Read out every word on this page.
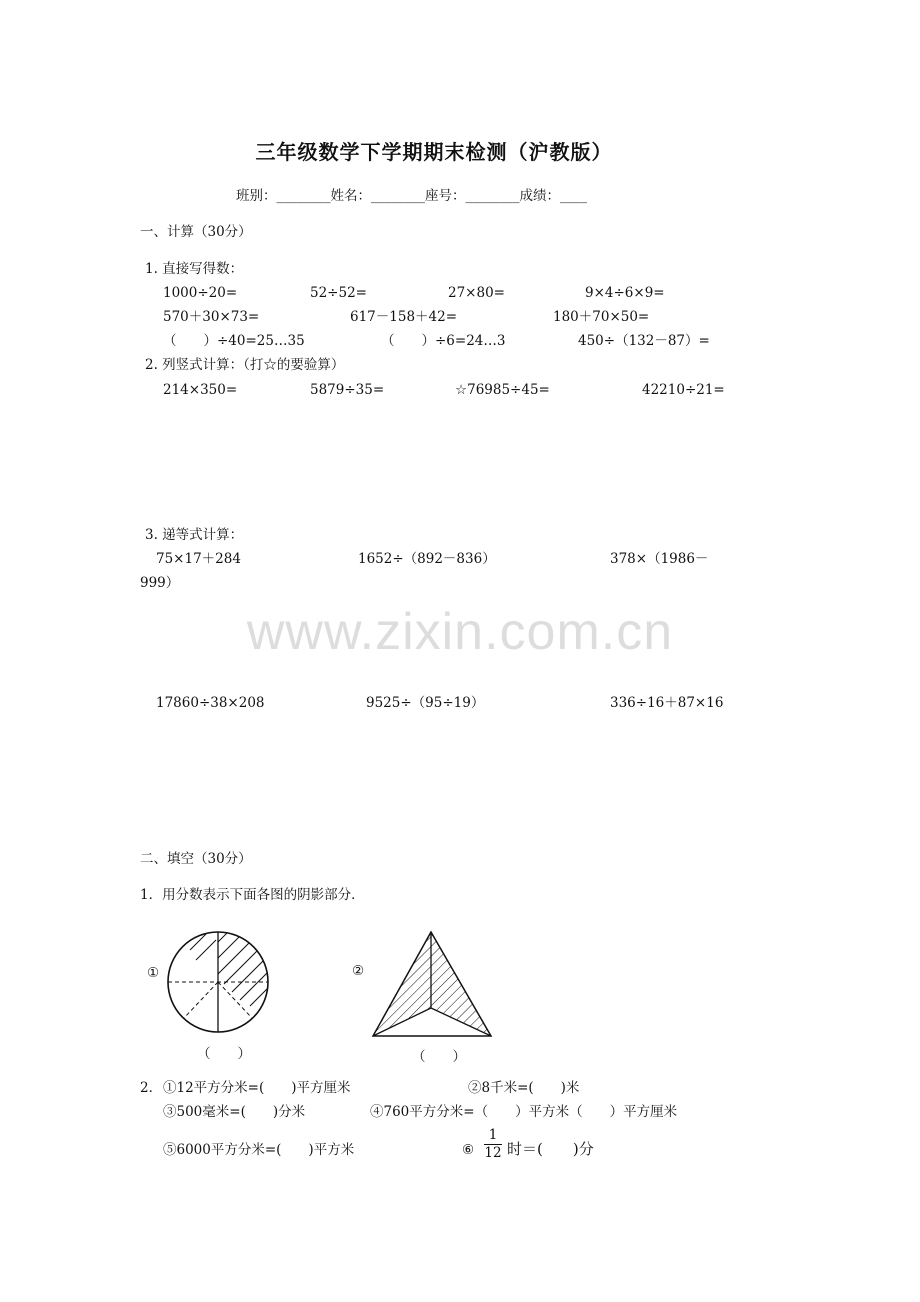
三年级数学下学期期末检测（沪教版）
班别：________姓名：________座号：________成绩：____
一、计算（30分）
1. 直接写得数：
1000÷20=	52÷52=	27×80=	9×4÷6×9=
570＋30×73=	617－158＋42=	180＋70×50=
（　　）÷40=25…35	（　　）÷6=24…3	450÷（132－87）=
2. 列竖式计算：（打☆的要验算）
214×350=	5879÷35=	☆76985÷45=	42210÷21=
3. 递等式计算：
75×17＋284	1652÷（892－836）	378×（1986－
999）
www.zixin.com.cn
17860÷38×208	9525÷（95÷19）	336÷16＋87×16
二、填空（30分）
1．用分数表示下面各图的阴影部分．
①
（　　）
②
（　　）
2． ①12平方分米=(　　)平方厘米	②8千米=(　　)米
③500毫米=(　　)分米	④760平方分米=（　　）平方米（　　）平方厘米
⑤6000平方分米=(　　)平方米	⑥ $\frac{1}{12}$ 时＝(　　)分
